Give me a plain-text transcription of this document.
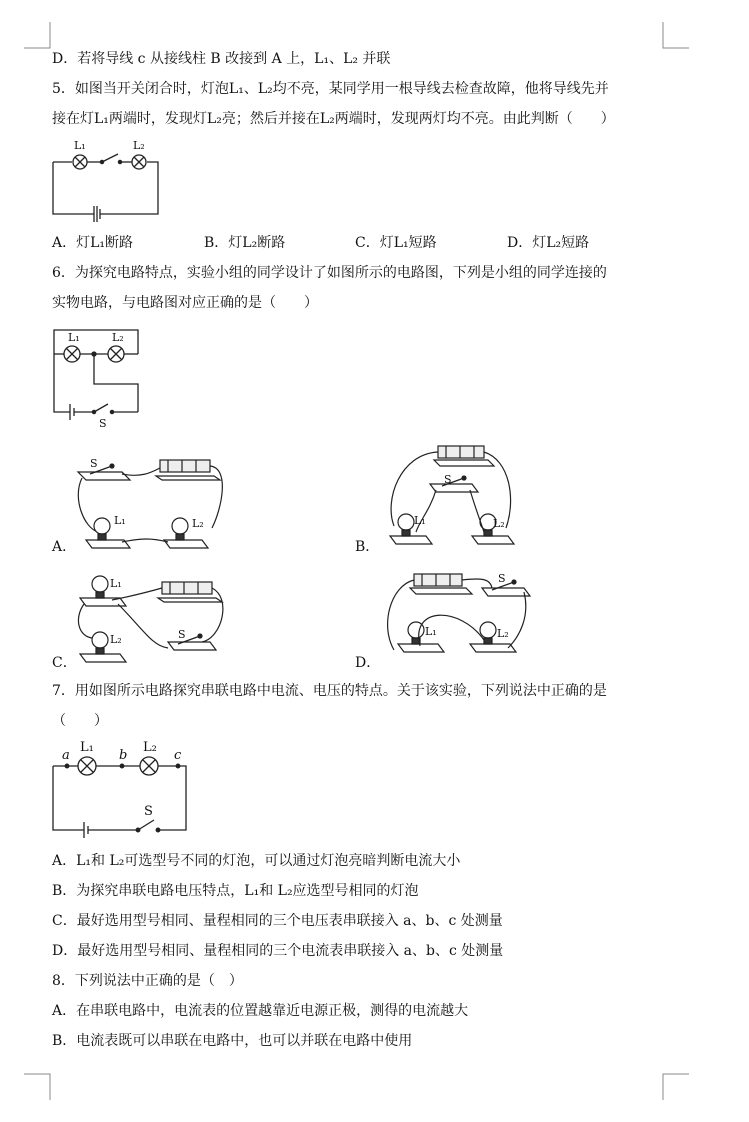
D．若将导线 c 从接线柱 B 改接到 A 上，L₁、L₂ 并联
5．如图当开关闭合时，灯泡L₁、L₂均不亮，某同学用一根导线去检查故障，他将导线先并
接在灯L₁两端时，发现灯L₂亮；然后并接在L₂两端时，发现两灯均不亮。由此判断（　　）
L₁	L₂
A．灯L₁断路	B．灯L₂断路	C．灯L₁短路	D．灯L₂短路
6．为探究电路特点，实验小组的同学设计了如图所示的电路图，下列是小组的同学连接的
实物电路，与电路图对应正确的是（　　）
L₁	L₂
S
S
L₁	L₂
A．
S
L₁	L₂
B．
L₁
L₂	S
C．
S
L₁	L₂
D．
7．用如图所示电路探究串联电路中电流、电压的特点。关于该实验，下列说法中正确的是
（　　）
a
L₁
b
L₂
c
S
A．L₁和 L₂可选型号不同的灯泡，可以通过灯泡亮暗判断电流大小
B．为探究串联电路电压特点，L₁和 L₂应选型号相同的灯泡
C．最好选用型号相同、量程相同的三个电压表串联接入 a、b、c 处测量
D．最好选用型号相同、量程相同的三个电流表串联接入 a、b、c 处测量
8．下列说法中正确的是（　）
A．在串联电路中，电流表的位置越靠近电源正极，测得的电流越大
B．电流表既可以串联在电路中，也可以并联在电路中使用
